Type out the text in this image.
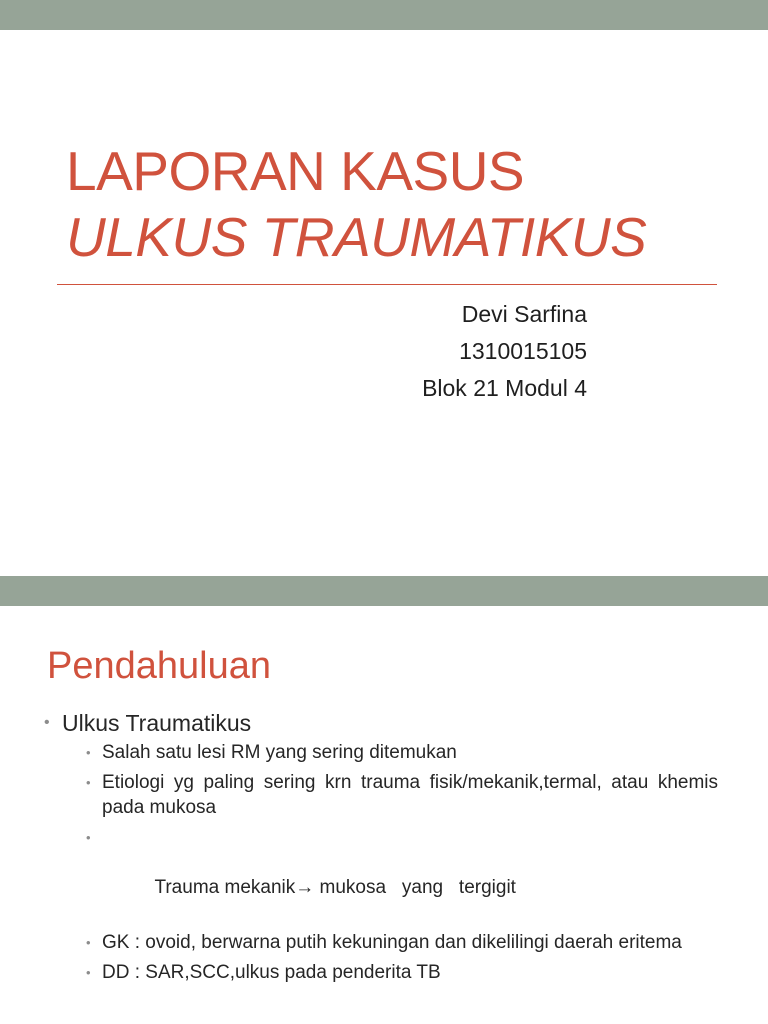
LAPORAN KASUS
ULKUS TRAUMATIKUS
Devi Sarfina
1310015105
Blok 21 Modul 4
Pendahuluan
• Ulkus Traumatikus
• Salah satu lesi RM yang sering ditemukan
• Etiologi yg paling sering krn trauma fisik/mekanik,termal, atau khemis pada mukosa

•

Trauma mekanik→ mukosa   yang   tergigit

• GK : ovoid, berwarna putih kekuningan dan dikelilingi daerah eritema
• DD : SAR,SCC,ulkus pada penderita TB
